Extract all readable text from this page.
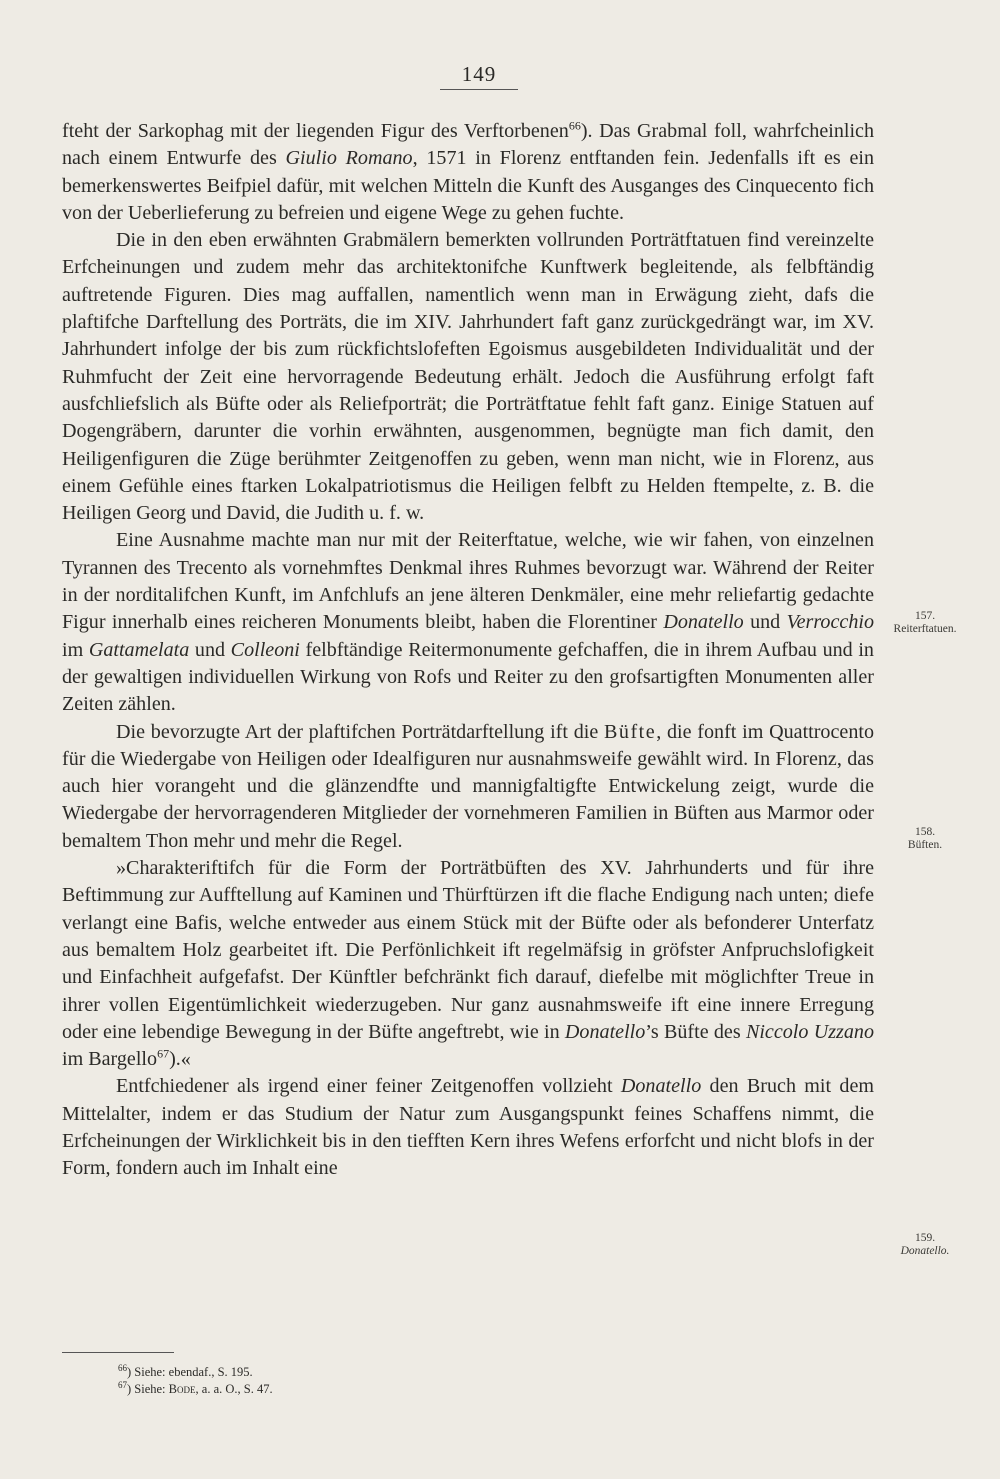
149

fteht der Sarkophag mit der liegenden Figur des Verftorbenen$^{66}$). Das Grabmal foll, wahrfcheinlich nach einem Entwurfe des Giulio Romano, 1571 in Florenz entftanden fein. Jedenfalls ift es ein bemerkenswertes Beifpiel dafür, mit welchen Mitteln die Kunft des Ausganges des Cinquecento fich von der Ueberlieferung zu befreien und eigene Wege zu gehen fuchte.

Die in den eben erwähnten Grabmälern bemerkten vollrunden Porträtftatuen find vereinzelte Erfcheinungen und zudem mehr das architektonifche Kunftwerk begleitende, als felbftändig auftretende Figuren. Dies mag auffallen, namentlich wenn man in Erwägung zieht, dafs die plaftifche Darftellung des Porträts, die im XIV. Jahrhundert faft ganz zurückgedrängt war, im XV. Jahrhundert infolge der bis zum rückfichtslofeften Egoismus ausgebildeten Individualität und der Ruhmfucht der Zeit eine hervorragende Bedeutung erhält. Jedoch die Ausführung erfolgt faft ausfchliefslich als Büfte oder als Reliefporträt; die Porträtftatue fehlt faft ganz. Einige Statuen auf Dogengräbern, darunter die vorhin erwähnten, ausgenommen, begnügte man fich damit, den Heiligenfiguren die Züge berühmter Zeitgenoffen zu geben, wenn man nicht, wie in Florenz, aus einem Gefühle eines ftarken Lokalpatriotismus die Heiligen felbft zu Helden ftempelte, z. B. die Heiligen Georg und David, die Judith u. f. w.

Eine Ausnahme machte man nur mit der Reiterftatue, welche, wie wir fahen, von einzelnen Tyrannen des Trecento als vornehmftes Denkmal ihres Ruhmes bevorzugt war. Während der Reiter in der norditalifchen Kunft, im Anfchlufs an jene älteren Denkmäler, eine mehr reliefartig gedachte Figur innerhalb eines reicheren Monuments bleibt, haben die Florentiner Donatello und Verrocchio im Gattamelata und Colleoni felbftändige Reitermonumente gefchaffen, die in ihrem Aufbau und in der gewaltigen individuellen Wirkung von Rofs und Reiter zu den grofsartigften Monumenten aller Zeiten zählen.

Die bevorzugte Art der plaftifchen Porträtdarftellung ift die Büfte, die fonft im Quattrocento für die Wiedergabe von Heiligen oder Idealfiguren nur ausnahmsweife gewählt wird. In Florenz, das auch hier vorangeht und die glänzendfte und mannigfaltigfte Entwickelung zeigt, wurde die Wiedergabe der hervorragenderen Mitglieder der vornehmeren Familien in Büften aus Marmor oder bemaltem Thon mehr und mehr die Regel.

»Charakteriftifch für die Form der Porträtbüften des XV. Jahrhunderts und für ihre Beftimmung zur Aufftellung auf Kaminen und Thürftürzen ift die flache Endigung nach unten; diefe verlangt eine Bafis, welche entweder aus einem Stück mit der Büfte oder als befonderer Unterfatz aus bemaltem Holz gearbeitet ift. Die Perfönlichkeit ift regelmäfsig in gröfster Anfpruchslofigkeit und Einfachheit aufgefafst. Der Künftler befchränkt fich darauf, diefelbe mit möglichfter Treue in ihrer vollen Eigentümlichkeit wiederzugeben. Nur ganz ausnahmsweife ift eine innere Erregung oder eine lebendige Bewegung in der Büfte angeftrebt, wie in Donatello’s Büfte des Niccolo Uzzano im Bargello$^{67}$).«

Entfchiedener als irgend einer feiner Zeitgenoffen vollzieht Donatello den Bruch mit dem Mittelalter, indem er das Studium der Natur zum Ausgangspunkt feines Schaffens nimmt, die Erfcheinungen der Wirklichkeit bis in den tiefften Kern ihres Wefens erforfcht und nicht blofs in der Form, fondern auch im Inhalt eine

157.
Reiterftatuen.
158.
Büften.
159.
Donatello.
$^{66}$) Siehe: ebendaf., S. 195.
$^{67}$) Siehe: Bode, a. a. O., S. 47.
